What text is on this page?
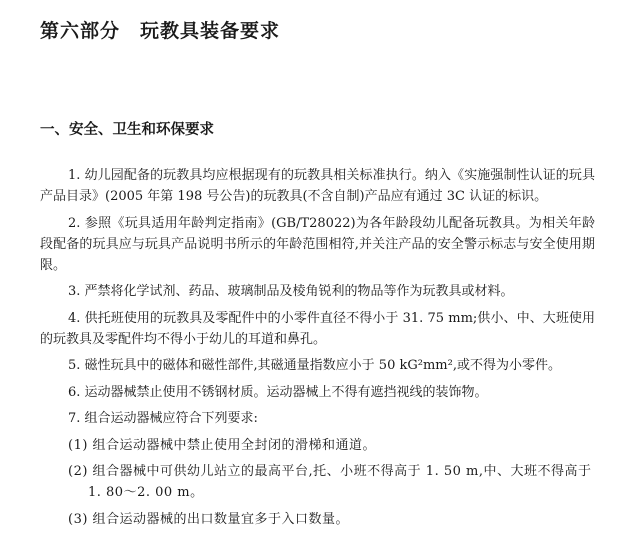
第六部分　玩教具装备要求
一、安全、卫生和环保要求

1. 幼儿园配备的玩教具均应根据现有的玩教具相关标准执行。纳入《实施强制性认证的玩具产品目录》(2005 年第 198 号公告)的玩教具(不含自制)产品应有通过 3C 认证的标识。

2. 参照《玩具适用年龄判定指南》(GB/T28022)为各年龄段幼儿配备玩教具。为相关年龄段配备的玩具应与玩具产品说明书所示的年龄范围相符,并关注产品的安全警示标志与安全使用期限。

3. 严禁将化学试剂、药品、玻璃制品及棱角锐利的物品等作为玩教具或材料。

4. 供托班使用的玩教具及零配件中的小零件直径不得小于 31. 75 mm;供小、中、大班使用的玩教具及零配件均不得小于幼儿的耳道和鼻孔。

5. 磁性玩具中的磁体和磁性部件,其磁通量指数应小于 50 kG²mm²,或不得为小零件。

6. 运动器械禁止使用不锈钢材质。运动器械上不得有遮挡视线的装饰物。

7. 组合运动器械应符合下列要求:

(1) 组合运动器械中禁止使用全封闭的滑梯和通道。

(2) 组合器械中可供幼儿站立的最高平台,托、小班不得高于 1. 50 m,中、大班不得高于 1. 80～2. 00 m。

(3) 组合运动器械的出口数量宜多于入口数量。
